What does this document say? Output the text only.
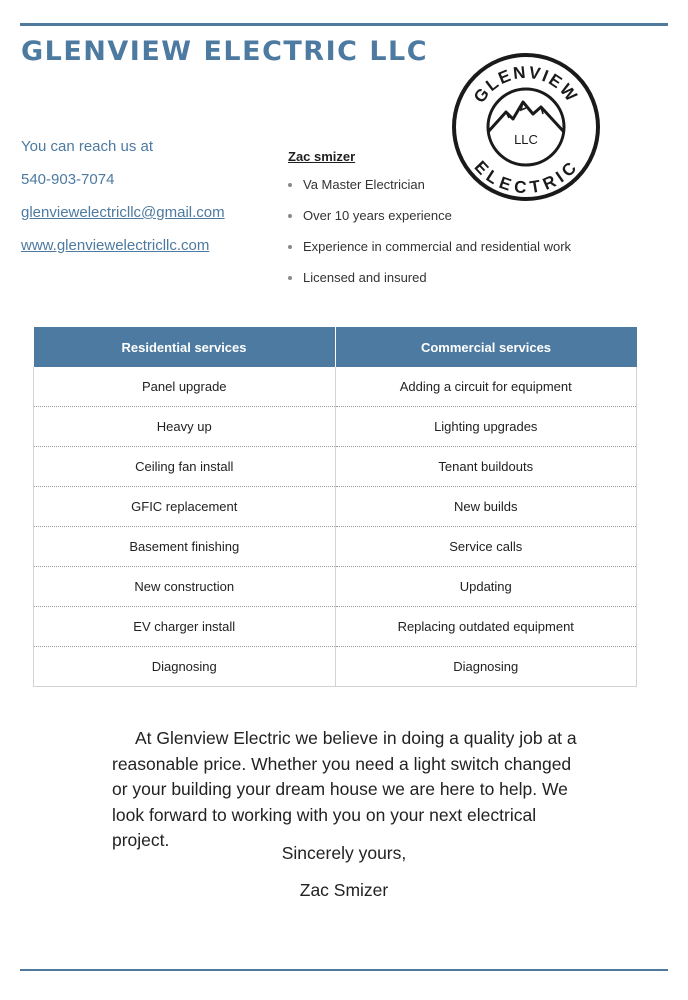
GLENVIEW ELECTRIC LLC
GLENVIEW
LLC
ELECTRIC
You can reach us at
540-903-7074
glenviewelectricllc@gmail.com
www.glenviewelectricllc.com
Zac smizer
Va Master Electrician
Over 10 years experience
Experience in commercial and residential work
Licensed and insured
Residential services	Commercial services
Panel upgrade	Adding a circuit for equipment
Heavy up	Lighting upgrades
Ceiling fan install	Tenant buildouts
GFIC replacement	New builds
Basement finishing	Service calls
New construction	Updating
EV charger install	Replacing outdated equipment
Diagnosing	Diagnosing

At Glenview Electric we believe in doing a quality job at a reasonable price. Whether you need a light switch changed or your building your dream house we are here to help. We look forward to working with you on your next electrical project.

Sincerely yours,
Zac Smizer
